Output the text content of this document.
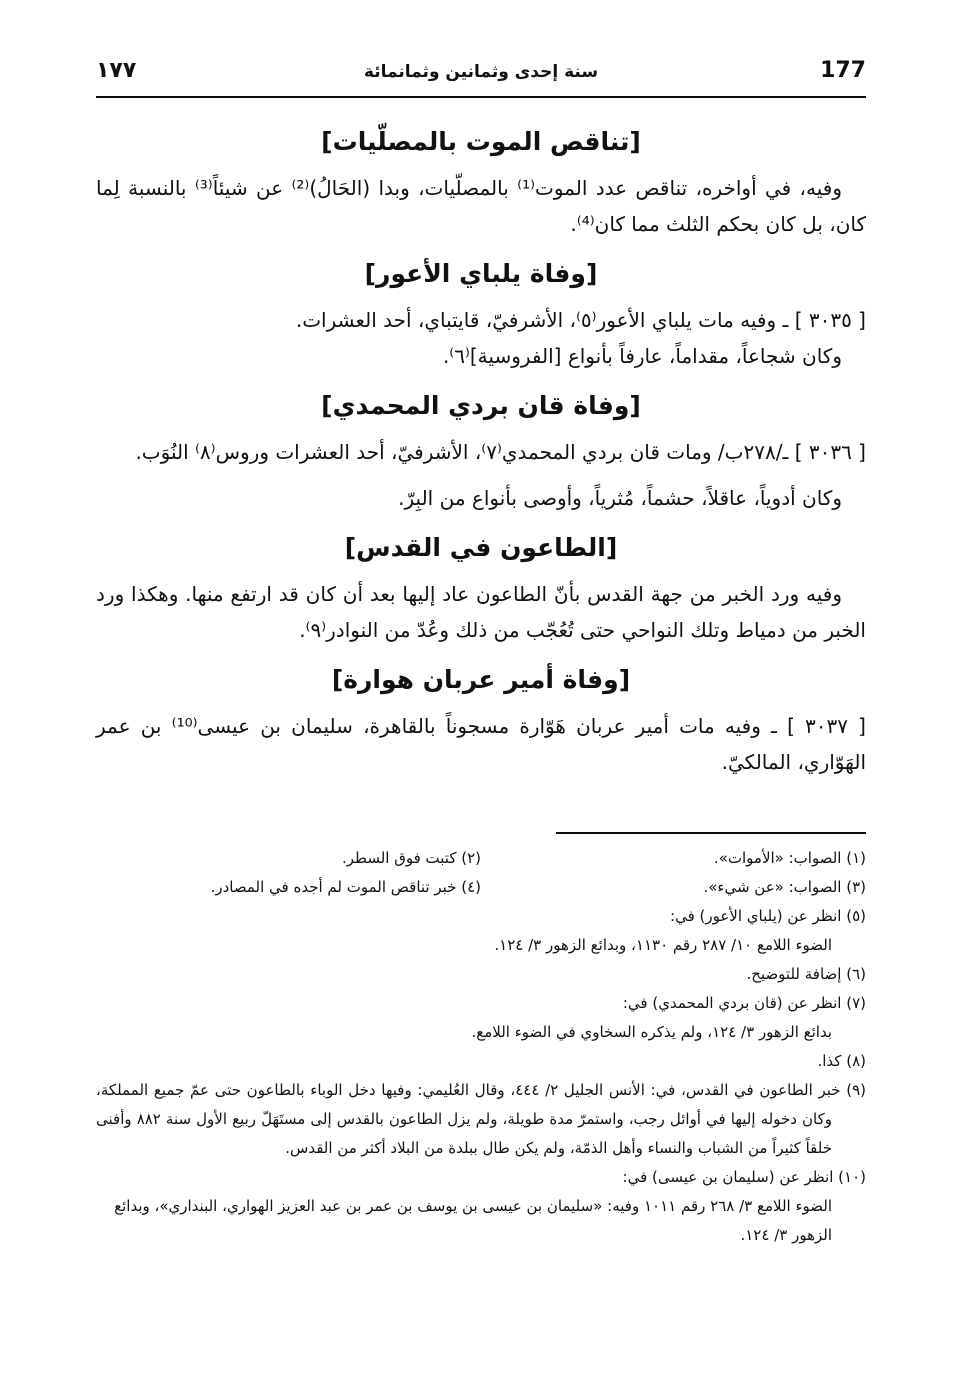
177
سنة إحدى وثمانين وثمانمائة
١٧٧
[تناقص الموت بالمصلّيات]

وفيه، في أواخره، تناقص عدد الموت⁽¹⁾ بالمصلّيات، وبدا (الحَالُ)⁽²⁾ عن شيئاً⁽³⁾ بالنسبة لِما كان، بل كان بحكم الثلث مما كان⁽⁴⁾.

[وفاة يلباي الأعور]

[ ٣٠٣٥ ] ـ وفيه مات يلباي الأعور⁽٥⁾، الأشرفيّ، قايتباي، أحد العشرات.

وكان شجاعاً، مقداماً، عارفاً بأنواع [الفروسية]⁽٦⁾.

[وفاة قان بردي المحمدي]

[ ٣٠٣٦ ] ـ/٢٧٨ب/ ومات قان بردي المحمدي⁽٧⁾، الأشرفيّ، أحد العشرات وروس⁽٨⁾ النُوَب.

وكان أدوياً، عاقلاً، حشماً، مُثرياً، وأوصى بأنواع من البِرّ.

[الطاعون في القدس]

وفيه ورد الخبر من جهة القدس بأنّ الطاعون عاد إليها بعد أن كان قد ارتفع منها. وهكذا ورد الخبر من دمياط وتلك النواحي حتى تُعُجّب من ذلك وعُدّ من النوادر⁽٩⁾.

[وفاة أمير عربان هوارة]

[ ٣٠٣٧ ] ـ وفيه مات أمير عربان هَوّارة مسجوناً بالقاهرة، سليمان بن عيسى⁽¹⁰⁾ بن عمر الهَوّاري، المالكيّ.

(١) الصواب: «الأموات».

(٢) كتبت فوق السطر.

(٣) الصواب: «عن شيء».

(٤) خبر تناقص الموت لم أجده في المصادر.

(٥) انظر عن (يلباي الأعور) في:

الضوء اللامع ١٠/ ٢٨٧ رقم ١١٣٠، وبدائع الزهور ٣/ ١٢٤.

(٦) إضافة للتوضيح.

(٧) انظر عن (قان بردي المحمدي) في:

بدائع الزهور ٣/ ١٢٤، ولم يذكره السخاوي في الضوء اللامع.

(٨) كذا.

(٩) خبر الطاعون في القدس، في: الأنس الجليل ٢/ ٤٤٤، وقال العُليمي: وفيها دخل الوباء بالطاعون حتى عمّ جميع المملكة، وكان دخوله إليها في أوائل رجب، واستمرّ مدة طويلة، ولم يزل الطاعون بالقدس إلى مستَهَلّ ربيع الأول سنة ٨٨٢ وأفنى خلقاً كثيراً من الشباب والنساء وأهل الذمّة، ولم يكن طال ببلدة من البلاد أكثر من القدس.

(١٠) انظر عن (سليمان بن عيسى) في:

الضوء اللامع ٣/ ٢٦٨ رقم ١٠١١ وفيه: «سليمان بن عيسى بن يوسف بن عمر بن عبد العزيز الهواري، البنداري»، وبدائع الزهور ٣/ ١٢٤.
